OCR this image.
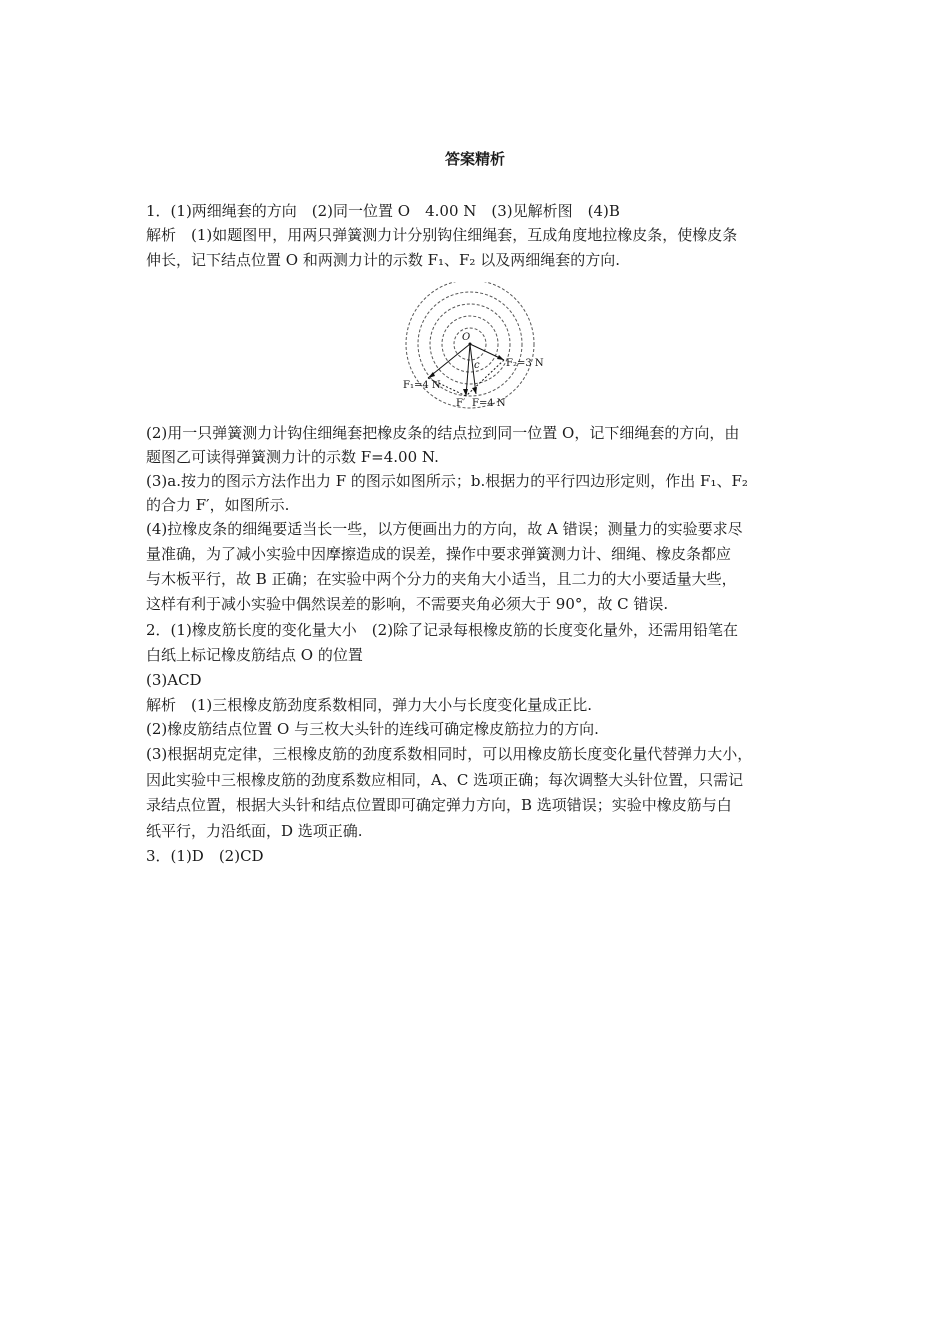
答案精析
1．(1)两细绳套的方向　(2)同一位置 O　4.00 N　(3)见解析图　(4)B
解析　(1)如题图甲，用两只弹簧测力计分别钩住细绳套，互成角度地拉橡皮条，使橡皮条
伸长，记下结点位置 O 和两测力计的示数 F₁、F₂ 以及两细绳套的方向.
O
c
F₁=4 N
F₂=3 N
F′ F=4 N
(2)用一只弹簧测力计钩住细绳套把橡皮条的结点拉到同一位置 O，记下细绳套的方向，由
题图乙可读得弹簧测力计的示数 F=4.00 N.
(3)a.按力的图示方法作出力 F 的图示如图所示；b.根据力的平行四边形定则，作出 F₁、F₂
的合力 F′，如图所示.
(4)拉橡皮条的细绳要适当长一些，以方便画出力的方向，故 A 错误；测量力的实验要求尽
量准确，为了减小实验中因摩擦造成的误差，操作中要求弹簧测力计、细绳、橡皮条都应
与木板平行，故 B 正确；在实验中两个分力的夹角大小适当，且二力的大小要适量大些，
这样有利于减小实验中偶然误差的影响，不需要夹角必须大于 90°，故 C 错误.
2．(1)橡皮筋长度的变化量大小　(2)除了记录每根橡皮筋的长度变化量外，还需用铅笔在
白纸上标记橡皮筋结点 O 的位置
(3)ACD
解析　(1)三根橡皮筋劲度系数相同，弹力大小与长度变化量成正比.
(2)橡皮筋结点位置 O 与三枚大头针的连线可确定橡皮筋拉力的方向.
(3)根据胡克定律，三根橡皮筋的劲度系数相同时，可以用橡皮筋长度变化量代替弹力大小，
因此实验中三根橡皮筋的劲度系数应相同，A、C 选项正确；每次调整大头针位置，只需记
录结点位置，根据大头针和结点位置即可确定弹力方向，B 选项错误；实验中橡皮筋与白
纸平行，力沿纸面，D 选项正确.
3．(1)D　(2)CD
